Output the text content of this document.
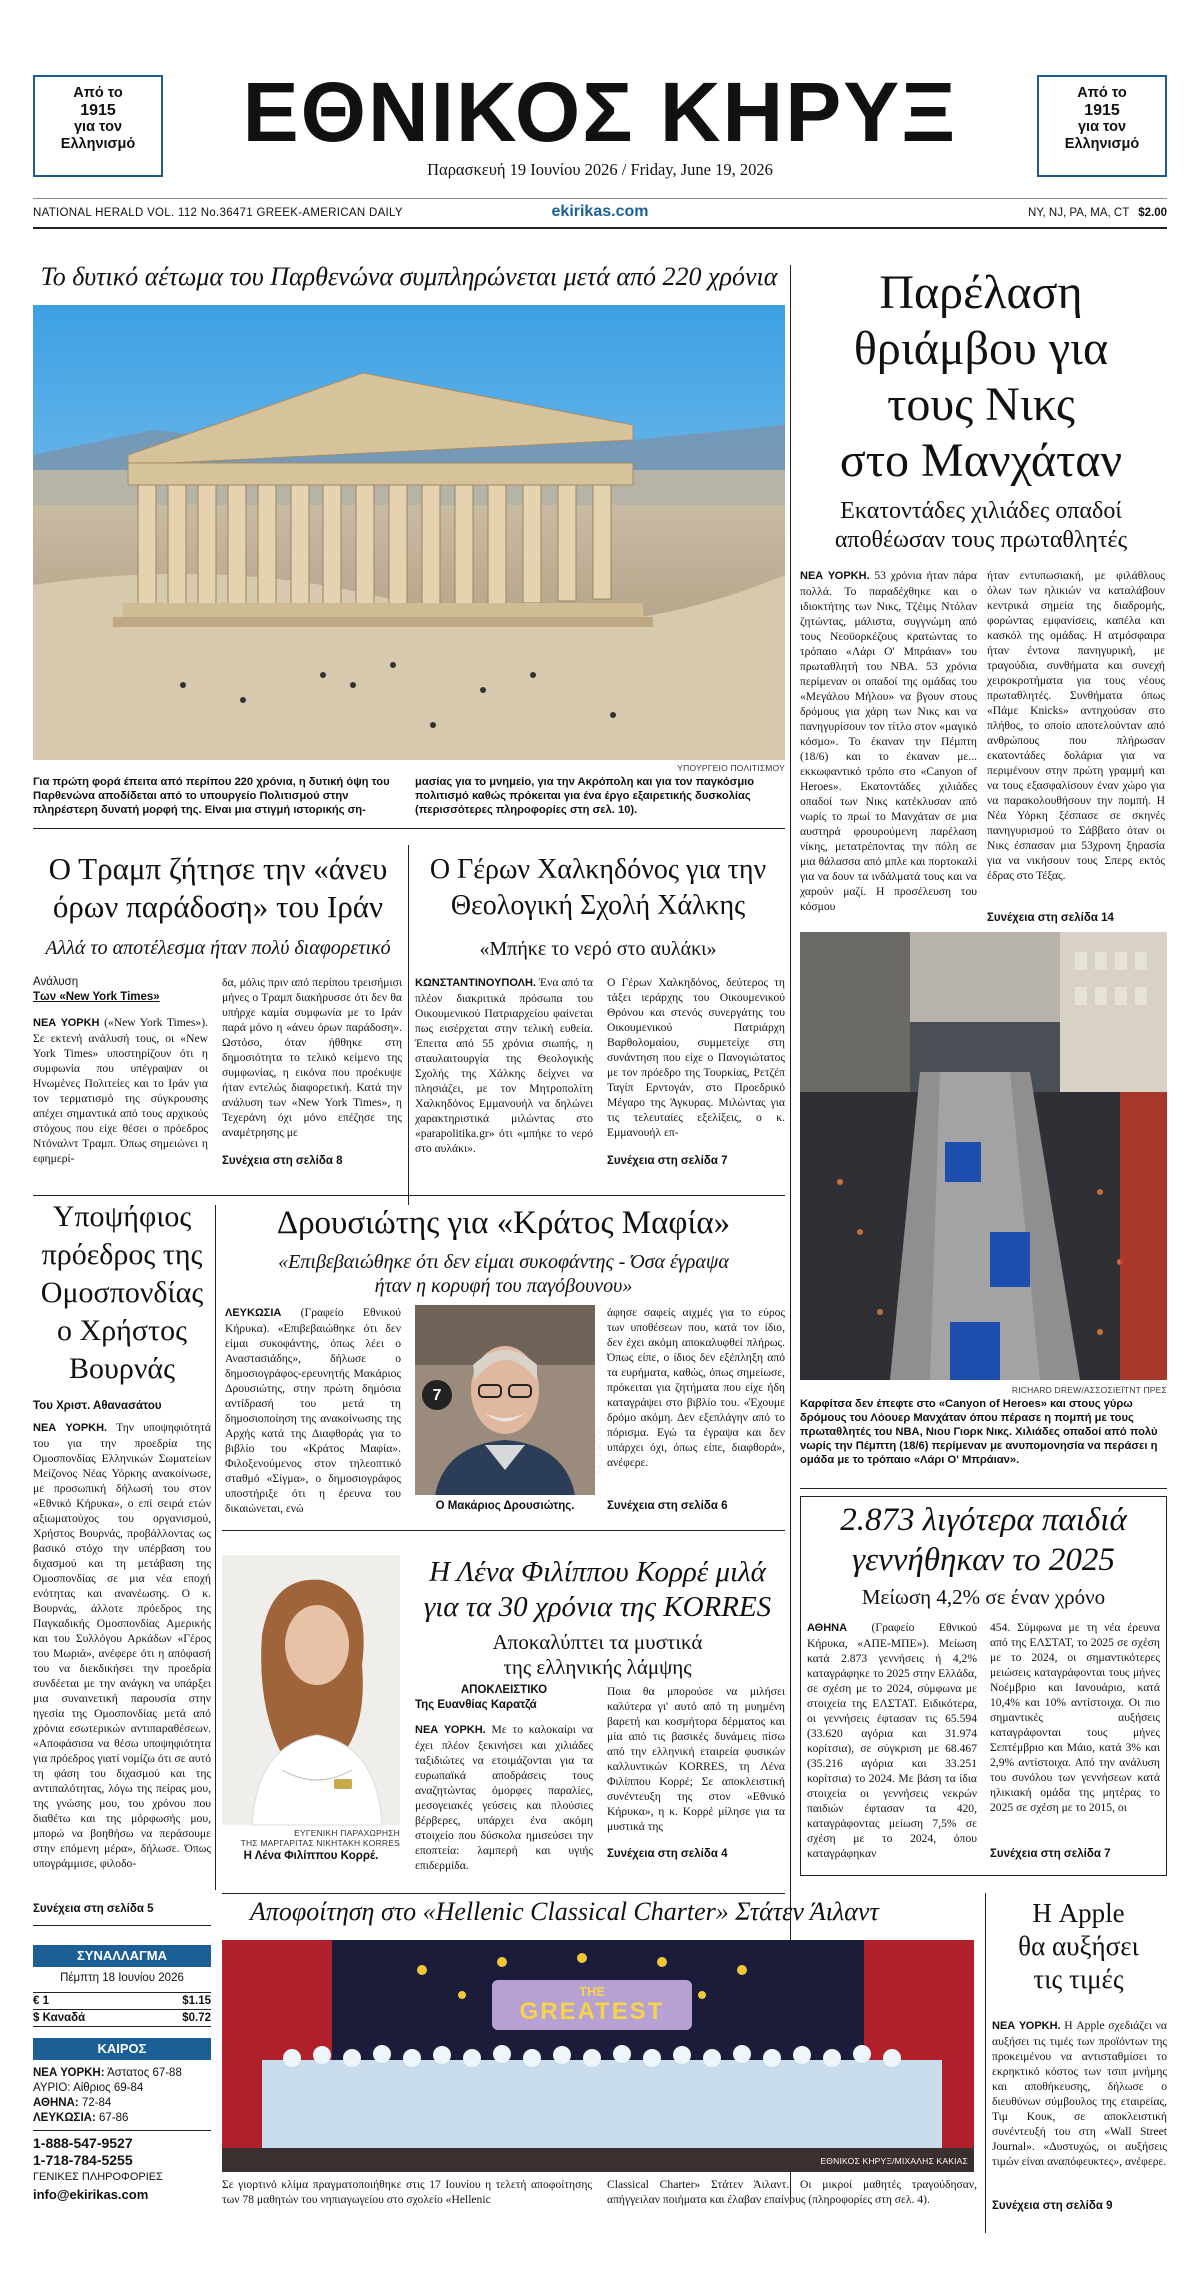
Από το
1915
για τον
Ελληνισμό	ΕΘΝΙΚΟΣ ΚΗΡΥΞ	Από το
1915
για τον
Ελληνισμό
Παρασκευή 19 Ιουνίου 2026 / Friday, June 19, 2026
NATIONAL HERALD VOL. 112 No.36471 GREEK-AMERICAN DAILY	ekirikas.com	NY, NJ, PA, MA, CT $2.00
Το δυτικό αέτωμα του Παρθενώνα συμπληρώνεται μετά από 220 χρόνια
ΥΠΟΥΡΓΕΙΟ ΠΟΛΙΤΙΣΜΟΥ
Για πρώτη φορά έπειτα από περίπου 220 χρόνια, η δυτική όψη του Παρθενώνα αποδίδεται από το υπουργείο Πολιτισμού στην πληρέστερη δυνατή μορφή της. Είναι μια στιγμή ιστορικής ση-
μασίας για το μνημείο, για την Ακρόπολη και για τον παγκόσμιο πολιτισμό καθώς πρόκειται για ένα έργο εξαιρετικής δυσκολίας (περισσότερες πληροφορίες στη σελ. 10).
Παρέλαση
θριάμβου για
τους Νικς
στο Μανχάταν
Εκατοντάδες χιλιάδες οπαδοί
αποθέωσαν τους πρωταθλητές
ΝΕΑ ΥΟΡΚΗ. 53 χρόνια ήταν πάρα πολλά. Το παραδέχθηκε και ο ιδιοκτήτης των Νικς, Τζέιμς Ντόλαν ζητώντας, μάλιστα, συγγνώμη από τους Νεοϋορκέζους κρατώντας το τρόπαιο «Λάρι Ο' Μπράιαν» του πρωταθλητή του NBA. 53 χρόνια περίμεναν οι οπαδοί της ομάδας του «Μεγάλου Μήλου» να βγουν στους δρόμους για χάρη των Νικς και να πανηγυρίσουν τον τίτλο στον «μαγικό κόσμο». Το έκαναν την Πέμπτη (18/6) και το έκαναν με... εκκωφαντικό τρόπο στο «Canyon of Heroes». Εκατοντάδες χιλιάδες οπαδοί των Νικς κατέκλυσαν από νωρίς το πρωί το Μανχάταν σε μια αυστηρά φρουρούμενη παρέλαση νίκης, μετατρέποντας την πόλη σε μια θάλασσα από μπλε και πορτοκαλί για να δουν τα ινδάλματά τους και να χαρούν μαζί. Η προσέλευση του κόσμου
ήταν εντυπωσιακή, με φιλάθλους όλων των ηλικιών να καταλάβουν κεντρικά σημεία της διαδρομής, φορώντας εμφανίσεις, καπέλα και κασκόλ της ομάδας. Η ατμόσφαιρα ήταν έντονα πανηγυρική, με τραγούδια, συνθήματα και συνεχή χειροκροτήματα για τους νέους πρωταθλητές. Συνθήματα όπως «Πάμε Knicks» αντηχούσαν στο πλήθος, το οποίο αποτελούνταν από ανθρώπους που πλήρωσαν εκατοντάδες δολάρια για να περιμένουν στην πρώτη γραμμή και να τους εξασφαλίσουν έναν χώρο για να παρακολουθήσουν την πομπή. Η Νέα Υόρκη ξέσπασε σε σκηνές πανηγυρισμού το Σάββατο όταν οι Νικς έσπασαν μια 53χρονη ξηρασία για να νικήσουν τους Σπερς εκτός έδρας στο Τέξας.
Συνέχεια στη σελίδα 14
RICHARD DREW/ΑΣΣΟΣΙΕΪΤΝΤ ΠΡΕΣ
Καρφίτσα δεν έπεφτε στο «Canyon of Heroes» και στους γύρω δρόμους του Λόουερ Μανχάταν όπου πέρασε η πομπή με τους πρωταθλητές του NBA, Νιου Γιορκ Νικς. Χιλιάδες οπαδοί από πολύ νωρίς την Πέμπτη (18/6) περίμεναν με ανυπομονησία να περάσει η ομάδα με το τρόπαιο «Λάρι Ο' Μπράιαν».
Ο Τραμπ ζήτησε την «άνευ
όρων παράδοση» του Ιράν
Αλλά το αποτέλεσμα ήταν πολύ διαφορετικό
Ανάλυση
Των «New York Times»
ΝΕΑ ΥΟΡΚΗ («New York Times»). Σε εκτενή ανάλυσή τους, οι «New York Times» υποστηρίζουν ότι η συμφωνία που υπέγραψαν οι Ηνωμένες Πολιτείες και το Ιράν για τον τερματισμό της σύγκρουσης απέχει σημαντικά από τους αρχικούς στόχους που είχε θέσει ο πρόεδρος Ντόναλντ Τραμπ. Όπως σημειώνει η εφημερί-
δα, μόλις πριν από περίπου τρεισήμισι μήνες ο Τραμπ διακήρυσσε ότι δεν θα υπήρχε καμία συμφωνία με το Ιράν παρά μόνο η «άνευ όρων παράδοση». Ωστόσο, όταν ήθθηκε στη δημοσιότητα το τελικό κείμενο της συμφωνίας, η εικόνα που προέκυψε ήταν εντελώς διαφορετική. Κατά την ανάλυση των «New York Times», η Τεχεράνη όχι μόνο επέζησε της αναμέτρησης με
Συνέχεια στη σελίδα 8
Ο Γέρων Χαλκηδόνος για την
Θεολογική Σχολή Χάλκης
«Μπήκε το νερό στο αυλάκι»
ΚΩΝΣΤΑΝΤΙΝΟΥΠΟΛΗ. Ένα από τα πλέον διακριτικά πρόσωπα του Οικουμενικού Πατριαρχείου φαίνεται πως εισέρχεται στην τελική ευθεία. Έπειτα από 55 χρόνια σιωπής, η σταυλαιτουργία της Θεολογικής Σχολής της Χάλκης δείχνει να πλησιάζει, με τον Μητροπολίτη Χαλκηδόνος Εμμανουήλ να δηλώνει χαρακτηριστικά μιλώντας στο «parapolitika.gr» ότι «μπήκε το νερό στο αυλάκι».
Ο Γέρων Χαλκηδόνος, δεύτερος τη τάξει ιεράρχης του Οικουμενικού Θρόνου και στενός συνεργάτης του Οικουμενικού Πατριάρχη Βαρθολομαίου, συμμετείχε στη συνάντηση που είχε ο Πανογιώτατος με τον πρόεδρο της Τουρκίας, Ρετζέπ Ταγίπ Ερντογάν, στο Προεδρικό Μέγαρο της Άγκυρας. Μιλώντας για τις τελευταίες εξελίξεις, ο κ. Εμμανουήλ επ-
Συνέχεια στη σελίδα 7
Υποψήφιος
πρόεδρος της
Ομοσπονδίας
ο Χρήστος
Βουρνάς
Του Χριστ. Αθανασάτου
ΝΕΑ ΥΟΡΚΗ. Την υποψηφιότητά του για την προεδρία της Ομοσπονδίας Ελληνικών Σωματείων Μείζονος Νέας Υόρκης ανακοίνωσε, με προσωπική δήλωσή του στον «Εθνικό Κήρυκα», ο επί σειρά ετών αξιωματούχος του οργανισμού, Χρήστος Βουρνάς, προβάλλοντας ως βασικό στόχο την υπέρβαση του διχασμού και τη μετάβαση της Ομοσπονδίας σε μια νέα εποχή ενότητας και ανανέωσης. Ο κ. Βουρνάς, άλλοτε πρόεδρος της Παγκαδικής Ομοσπονδίας Αμερικής και του Συλλόγου Αρκάδων «Γέρος του Μωριά», ανέφερε ότι η απόφασή του να διεκδικήσει την προεδρία συνδέεται με την ανάγκη να υπάρξει μια συναινετική παρουσία στην ηγεσία της Ομοσπονδίας μετά από χρόνια εσωτερικών αντιπαραθέσεων. «Αποφάσισα να θέσω υποψηφιότητα για πρόεδρος γιατί νομίζω ότι σε αυτό τη φάση του διχασμού και της αντιπαλότητας, λόγω της πείρας μου, της γνώσης μου, του χρόνου που διαθέτω και της μόρφωσής μου, μπορώ να βοηθήσω να περάσουμε στην επόμενη μέρα», δήλωσε. Όπως υπογράμμισε, φιλοδο-
Συνέχεια στη σελίδα 5
Δρουσιώτης για «Κράτος Μαφία»
«Επιβεβαιώθηκε ότι δεν είμαι συκοφάντης - Όσα έγραψα
ήταν η κορυφή του παγόβουνου»
ΛΕΥΚΩΣΙΑ (Γραφείο Εθνικού Κήρυκα). «Επιβεβαιώθηκε ότι δεν είμαι συκοφάντης, όπως λέει ο Αναστασιάδης», δήλωσε ο δημοσιογράφος-ερευνητής Μακάριος Δρουσιώτης, στην πρώτη δημόσια αντίδρασή του μετά τη δημοσιοποίηση της ανακοίνωσης της Αρχής κατά της Διαφθοράς για το βιβλίο του «Κράτος Μαφία». Φιλοξενούμενος στον τηλεοπτικό σταθμό «Σίγμα», ο δημοσιογράφος υποστήριξε ότι η έρευνα του δικαιώνεται, ενώ
7
FACEBOOK
Ο Μακάριος Δρουσιώτης.
άφησε σαφείς αιχμές για το εύρος των υποθέσεων που, κατά τον ίδιο, δεν έχει ακόμη αποκαλυφθεί πλήρως. Όπως είπε, ο ίδιος δεν εξέπληξη από τα ευρήματα, καθώς, όπως σημείωσε, πρόκειται για ζητήματα που είχε ήδη καταγράψει στο βιβλίο του. «Έχουμε δρόμο ακόμη. Δεν εξεπλάγην από το πόρισμα. Εγώ τα έγραψα και δεν υπάρχει όχι, όπως είπε, διαφθορά», ανέφερε.
Συνέχεια στη σελίδα 6
ΕΥΓΕΝΙΚΗ ΠΑΡΑΧΩΡΗΣΗ
ΤΗΣ ΜΑΡΓΑΡΙΤΑΣ ΝΙΚΗΤΑΚΗ KORRES
Η Λένα Φιλίππου Κορρέ.
Η Λένα Φιλίππου Κορρέ μιλά
για τα 30 χρόνια της KORRES
Αποκαλύπτει τα μυστικά
της ελληνικής λάμψης
ΑΠΟΚΛΕΙΣΤΙΚΟ
Της Ευανθίας Καρατζά
ΝΕΑ ΥΟΡΚΗ. Με το καλοκαίρι να έχει πλέον ξεκινήσει και χιλιάδες ταξιδιώτες να ετοιμάζονται για τα ευρωπαϊκά αποδράσεις τους αναζητώντας όμορφες παραλίες, μεσογειακές γεύσεις και πλούσιες βέρβερες, υπάρχει ένα ακόμη στοιχείο που δύσκολα ημισεύσει την εποπτεία: λαμπερή και υγιής επιδερμίδα.
Ποια θα μπορούσε να μιλήσει καλύτερα γι' αυτό από τη μυημένη βαρετή και κοσμήτορα δέρματος και μία από τις βασικές δυνάμεις πίσω από την ελληνική εταιρεία φυσικών καλλυντικών KORRES, τη Λένα Φιλίππου Κορρέ; Σε αποκλειστική συνέντευξη της στον «Εθνικό Κήρυκα», η κ. Κορρέ μίλησε για τα μυστικά της
Συνέχεια στη σελίδα 4
2.873 λιγότερα παιδιά
γεννήθηκαν το 2025
Μείωση 4,2% σε έναν χρόνο
ΑΘΗΝΑ (Γραφείο Εθνικού Κήρυκα, «ΑΠΕ-ΜΠΕ»). Μείωση κατά 2.873 γεννήσεις ή 4,2% καταγράφηκε το 2025 στην Ελλάδα, σε σχέση με το 2024, σύμφωνα με στοιχεία της ΕΛΣΤΑΤ. Ειδικότερα, οι γεννήσεις έφτασαν τις 65.594 (33.620 αγόρια και 31.974 κορίτσια), σε σύγκριση με 68.467 (35.216 αγόρια και 33.251 κορίτσια) το 2024. Με βάση τα ίδια στοιχεία οι γεννήσεις νεκρών παιδιών έφτασαν τα 420, καταγράφοντας μείωση 7,5% σε σχέση με το 2024, όπου καταγράφηκαν
454. Σύμφωνα με τη νέα έρευνα από της ΕΛΣΤΑΤ, το 2025 σε σχέση με το 2024, οι σημαντικότερες μειώσεις καταγράφονται τους μήνες Νοέμβριο και Ιανουάριο, κατά 10,4% και 10% αντίστοιχα. Οι πιο σημαντικές αυξήσεις καταγράφονται τους μήνες Σεπτέμβριο και Μάιο, κατά 3% και 2,9% αντίστοιχα. Από την ανάλυση του συνόλου των γεννήσεων κατά ηλικιακή ομάδα της μητέρας το 2025 σε σχέση με το 2015, οι
Συνέχεια στη σελίδα 7
ΣΥΝΑΛΛΑΓΜΑ
Πέμπτη 18 Ιουνίου 2026
€ 1	$1.15
$ Καναδά	$0.72
ΚΑΙΡΟΣ
ΝΕΑ ΥΟΡΚΗ: Άστατος 67-88
ΑΥΡΙΟ: Αίθριος 69-84
ΑΘΗΝΑ: 72-84
ΛΕΥΚΩΣΙΑ: 67-86
1-888-547-9527
1-718-784-5255
ΓΕΝΙΚΕΣ ΠΛΗΡΟΦΟΡΙΕΣ
info@ekirikas.com
Αποφοίτηση στο «Hellenic Classical Charter» Στάτεν Άιλαντ
THE
GREATEST
ΕΘΝΙΚΟΣ ΚΗΡΥΞ/ΜΙΧΑΛΗΣ ΚΑΚΙΑΣ
Σε γιορτινό κλίμα πραγματοποιήθηκε στις 17 Ιουνίου η τελετή αποφοίτησης των 78 μαθητών του νηπιαγωγείου στο σχολείο «Hellenic
Classical Charter» Στάτεν Άιλαντ. Οι μικροί μαθητές τραγούδησαν, απήγγειλαν ποιήματα και έλαβαν επαίνους (πληροφορίες στη σελ. 4).
Η Apple
θα αυξήσει
τις τιμές
ΝΕΑ ΥΟΡΚΗ. Η Apple σχεδιάζει να αυξήσει τις τιμές των προϊόντων της προκειμένου να αντισταθμίσει το εκρηκτικό κόστος των τσιπ μνήμης και αποθήκευσης, δήλωσε ο διευθύνων σύμβουλος της εταιρείας, Τιμ Κουκ, σε αποκλειστική συνέντευξή του στη «Wall Street Journal». «Δυστυχώς, οι αυξήσεις τιμών είναι αναπόφευκτες», ανέφερε.
Συνέχεια στη σελίδα 9
